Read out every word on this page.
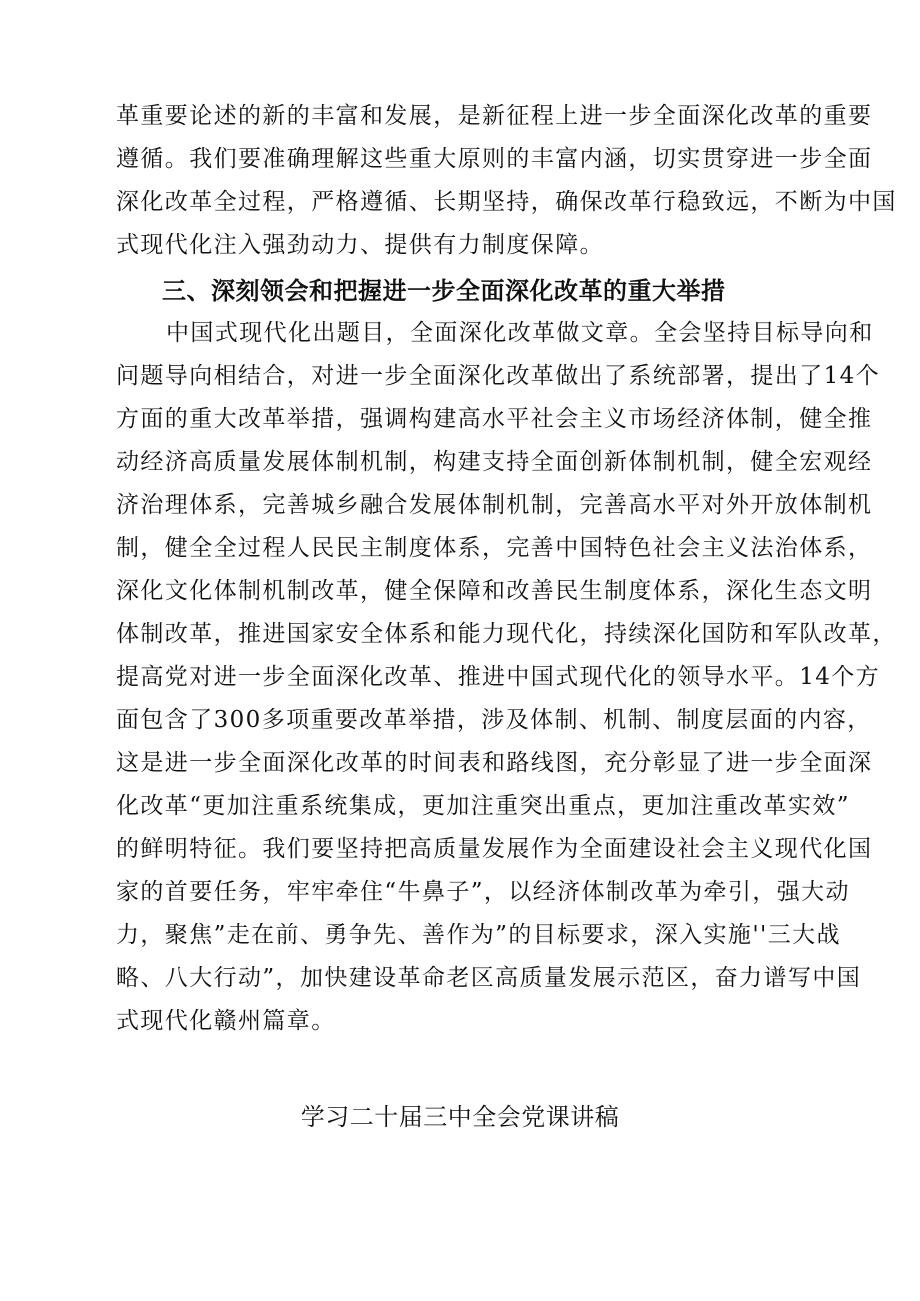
革重要论述的新的丰富和发展，是新征程上进一步全面深化改革的重要
遵循。我们要准确理解这些重大原则的丰富内涵，切实贯穿进一步全面
深化改革全过程，严格遵循、长期坚持，确保改革行稳致远，不断为中国
式现代化注入强劲动力、提供有力制度保障。
三、深刻领会和把握进一步全面深化改革的重大举措
中国式现代化出题目，全面深化改革做文章。全会坚持目标导向和
问题导向相结合，对进一步全面深化改革做出了系统部署，提出了14个
方面的重大改革举措，强调构建高水平社会主义市场经济体制，健全推
动经济高质量发展体制机制，构建支持全面创新体制机制，健全宏观经
济治理体系，完善城乡融合发展体制机制，完善高水平对外开放体制机
制，健全全过程人民民主制度体系，完善中国特色社会主义法治体系，
深化文化体制机制改革，健全保障和改善民生制度体系，深化生态文明
体制改革，推进国家安全体系和能力现代化，持续深化国防和军队改革，
提高党对进一步全面深化改革、推进中国式现代化的领导水平。14个方
面包含了300多项重要改革举措，涉及体制、机制、制度层面的内容，
这是进一步全面深化改革的时间表和路线图，充分彰显了进一步全面深
化改革“更加注重系统集成，更加注重突出重点，更加注重改革实效”
的鲜明特征。我们要坚持把高质量发展作为全面建设社会主义现代化国
家的首要任务，牢牢牵住“牛鼻子”，以经济体制改革为牵引，强大动
力，聚焦”走在前、勇争先、善作为”的目标要求，深入实施''三大战
略、八大行动”，加快建设革命老区高质量发展示范区，奋力谱写中国
式现代化赣州篇章。
学习二十届三中全会党课讲稿
